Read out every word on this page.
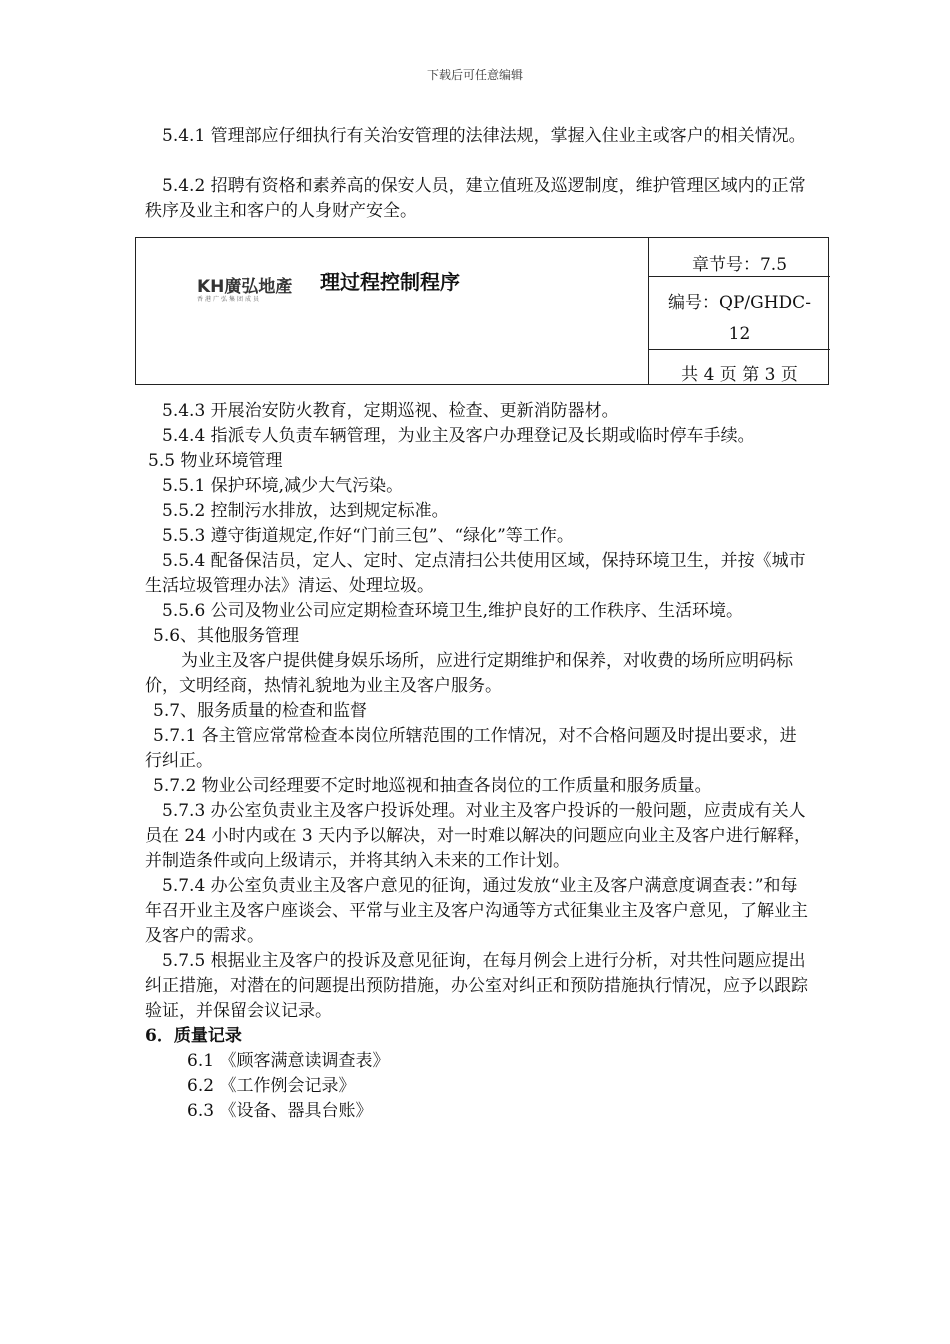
下载后可任意编辑

5.4.1 管理部应仔细执行有关治安管理的法律法规，掌握入住业主或客户的相关情况。

5.4.2 招聘有资格和素养高的保安人员，建立值班及巡逻制度，维护管理区域内的正常秩序及业主和客户的人身财产安全。

KH廣弘地產
香港广弘集团成员
理过程控制程序
章节号：7.5
编号：QP/GHDC-
12
共 4 页 第 3 页

5.4.3 开展治安防火教育，定期巡视、检查、更新消防器材。

5.4.4 指派专人负责车辆管理，为业主及客户办理登记及长期或临时停车手续。

5.5 物业环境管理

5.5.1 保护环境,减少大气污染。

5.5.2 控制污水排放，达到规定标准。

5.5.3 遵守街道规定,作好“门前三包”、“绿化”等工作。

5.5.4 配备保洁员，定人、定时、定点清扫公共使用区域，保持环境卫生，并按《城市生活垃圾管理办法》清运、处理垃圾。

5.5.6 公司及物业公司应定期检查环境卫生,维护良好的工作秩序、生活环境。

5.6、其他服务管理

为业主及客户提供健身娱乐场所，应进行定期维护和保养，对收费的场所应明码标价，文明经商，热情礼貌地为业主及客户服务。

5.7、服务质量的检查和监督

5.7.1 各主管应常常检查本岗位所辖范围的工作情况，对不合格问题及时提出要求，进行纠正。

5.7.2 物业公司经理要不定时地巡视和抽查各岗位的工作质量和服务质量。

5.7.3 办公室负责业主及客户投诉处理。对业主及客户投诉的一般问题，应责成有关人员在 24 小时内或在 3 天内予以解决，对一时难以解决的问题应向业主及客户进行解释，并制造条件或向上级请示，并将其纳入未来的工作计划。

5.7.4 办公室负责业主及客户意见的征询，通过发放“业主及客户满意度调查表：”和每年召开业主及客户座谈会、平常与业主及客户沟通等方式征集业主及客户意见，了解业主及客户的需求。

5.7.5 根据业主及客户的投诉及意见征询，在每月例会上进行分析，对共性问题应提出纠正措施，对潜在的问题提出预防措施，办公室对纠正和预防措施执行情况，应予以跟踪验证，并保留会议记录。

6．质量记录

6.1 《顾客满意读调查表》

6.2 《工作例会记录》

6.3 《设备、器具台账》
